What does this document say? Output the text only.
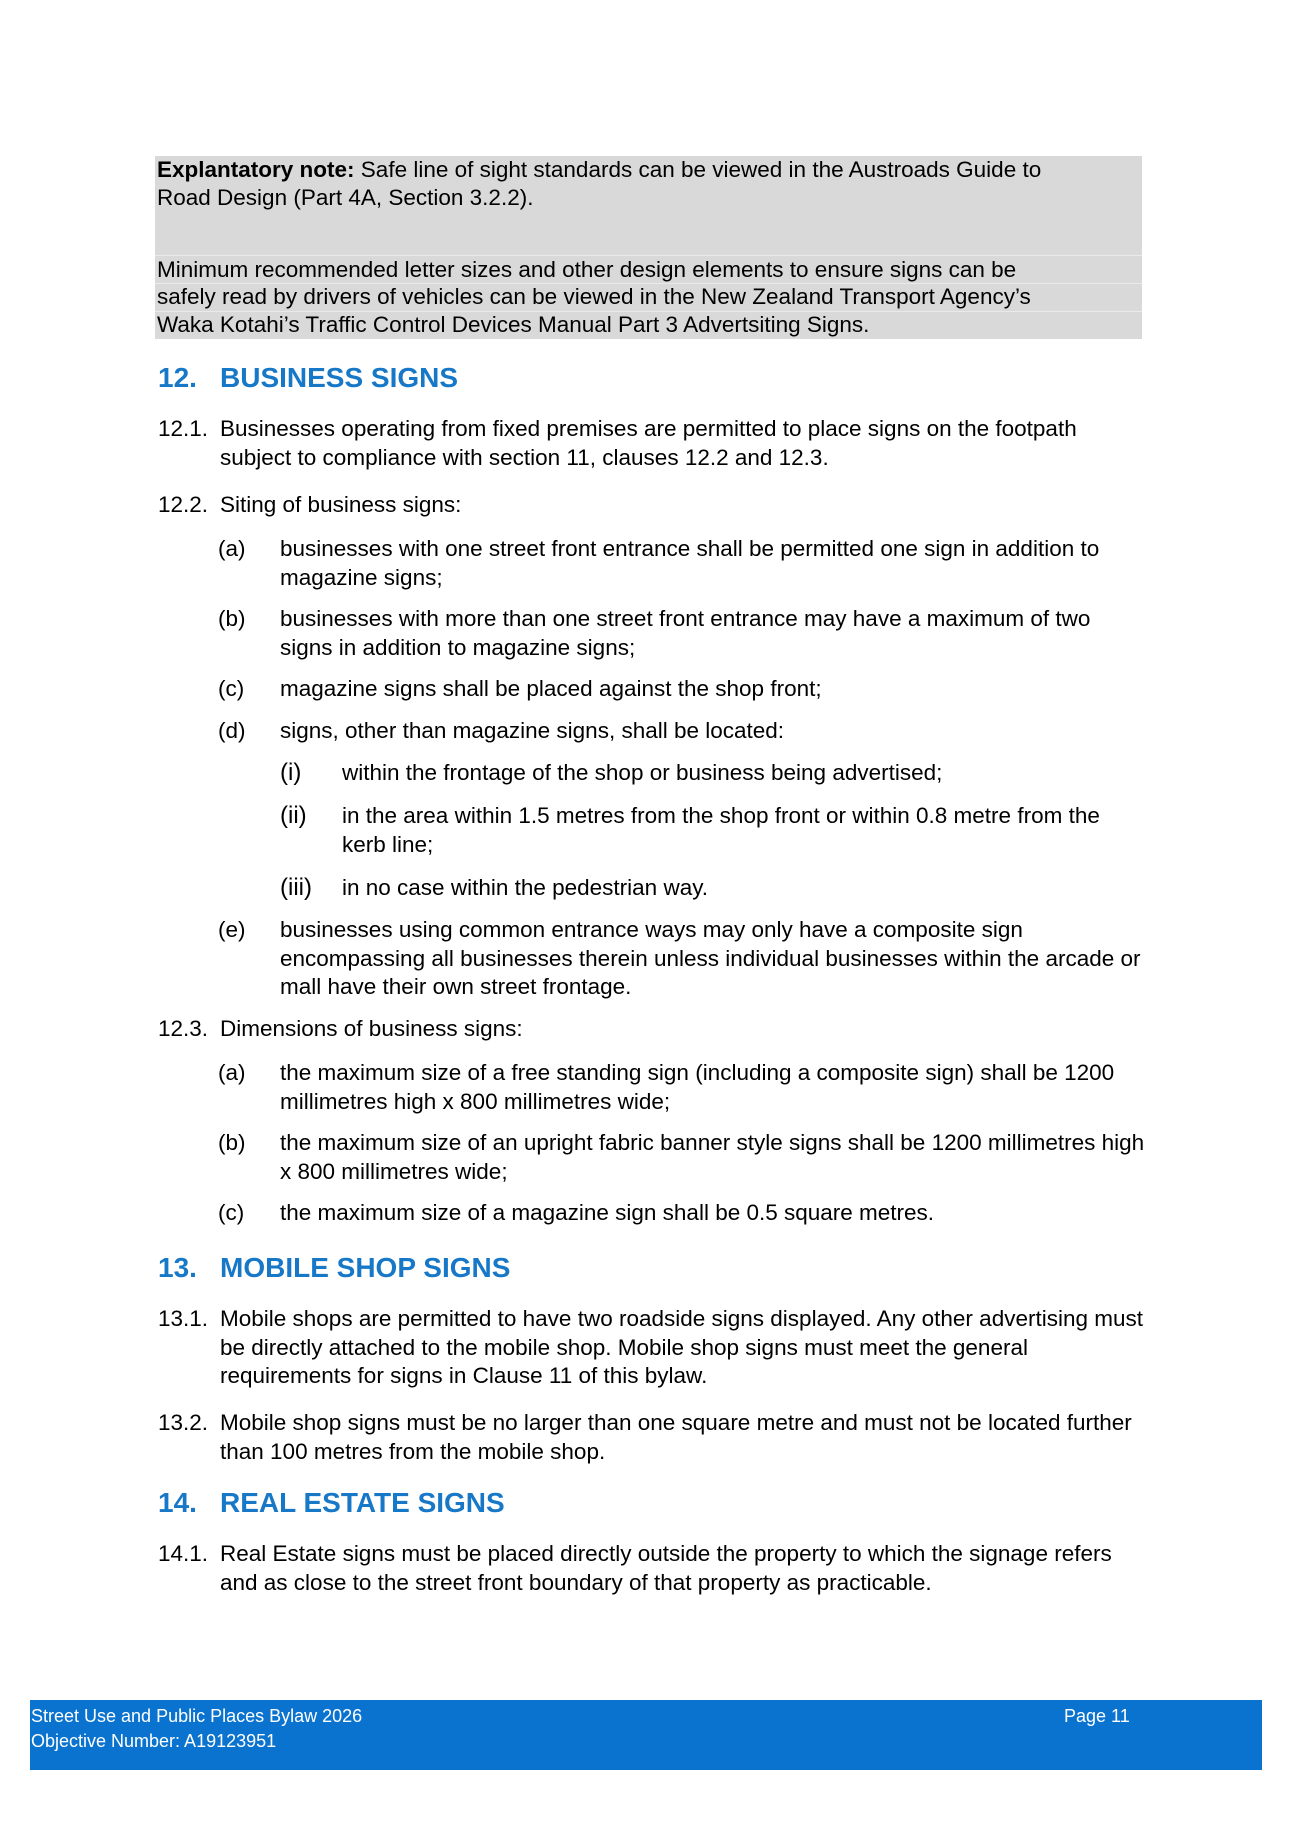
Explantatory note: Safe line of sight standards can be viewed in the Austroads Guide to
Road Design (Part 4A, Section 3.2.2).
Minimum recommended letter sizes and other design elements to ensure signs can be
safely read by drivers of vehicles can be viewed in the New Zealand Transport Agency’s
Waka Kotahi’s Traffic Control Devices Manual Part 3 Advertsiting Signs.
12. BUSINESS SIGNS
12.1. Businesses operating from fixed premises are permitted to place signs on the footpath subject to compliance with section 11, clauses 12.2 and 12.3.
12.2. Siting of business signs:
(a) businesses with one street front entrance shall be permitted one sign in addition to magazine signs;
(b) businesses with more than one street front entrance may have a maximum of two signs in addition to magazine signs;
(c) magazine signs shall be placed against the shop front;
(d) signs, other than magazine signs, shall be located:
(i) within the frontage of the shop or business being advertised;
(ii) in the area within 1.5 metres from the shop front or within 0.8 metre from the kerb line;
(iii) in no case within the pedestrian way.
(e) businesses using common entrance ways may only have a composite sign encompassing all businesses therein unless individual businesses within the arcade or mall have their own street frontage.
12.3. Dimensions of business signs:
(a) the maximum size of a free standing sign (including a composite sign) shall be 1200 millimetres high x 800 millimetres wide;
(b) the maximum size of an upright fabric banner style signs shall be 1200 millimetres high x 800 millimetres wide;
(c) the maximum size of a magazine sign shall be 0.5 square metres.
13. MOBILE SHOP SIGNS
13.1. Mobile shops are permitted to have two roadside signs displayed. Any other advertising must be directly attached to the mobile shop. Mobile shop signs must meet the general requirements for signs in Clause 11 of this bylaw.
13.2. Mobile shop signs must be no larger than one square metre and must not be located further than 100 metres from the mobile shop.
14. REAL ESTATE SIGNS
14.1. Real Estate signs must be placed directly outside the property to which the signage refers and as close to the street front boundary of that property as practicable.
Street Use and Public Places Bylaw 2026	Page 11
Objective Number: A19123951
